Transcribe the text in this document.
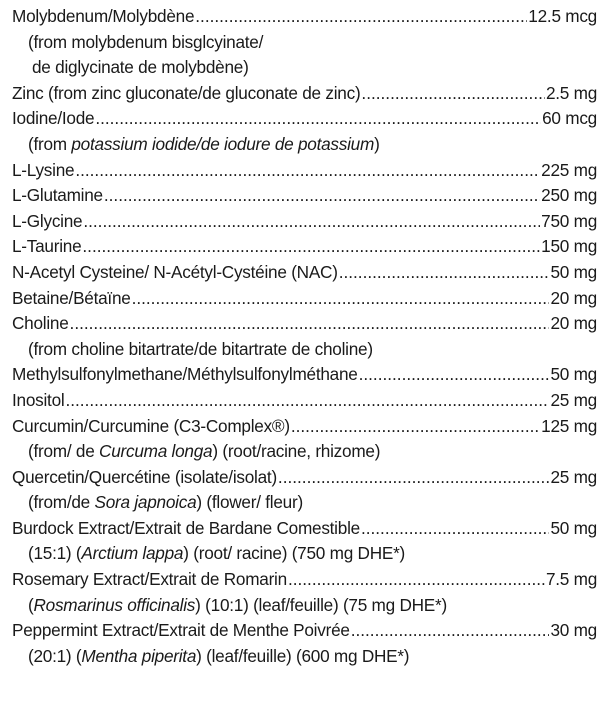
Molybdenum/Molybdène .....	12.5 mcg
(from molybdenum bisglcyinate/
de diglycinate de molybdène)
Zinc (from zinc gluconate/de gluconate de zinc) .....	2.5 mg
Iodine/Iode .....	60 mcg
(from potassium iodide/de iodure de potassium)
L-Lysine .....	225 mg
L-Glutamine .....	250 mg
L-Glycine .....	750 mg
L-Taurine .....	150 mg
N-Acetyl Cysteine/ N-Acétyl-Cystéine (NAC) .....	50 mg
Betaine/Bétaïne .....	20 mg
Choline .....	20 mg
(from choline bitartrate/de bitartrate de choline)
Methylsulfonylmethane/Méthylsulfonylméthane .....	50 mg
Inositol .....	25 mg
Curcumin/Curcumine (C3-Complex®) .....	125 mg
(from/ de Curcuma longa) (root/racine, rhizome)
Quercetin/Quercétine (isolate/isolat) .....	25 mg
(from/de Sora japnoica) (flower/ fleur)
Burdock Extract/Extrait de Bardane Comestible .....	50 mg
(15:1) (Arctium lappa) (root/ racine) (750 mg DHE*)
Rosemary Extract/Extrait de Romarin .....	7.5 mg
(Rosmarinus officinalis) (10:1) (leaf/feuille) (75 mg DHE*)
Peppermint Extract/Extrait de Menthe Poivrée .....	30 mg
(20:1) (Mentha piperita) (leaf/feuille) (600 mg DHE*)
